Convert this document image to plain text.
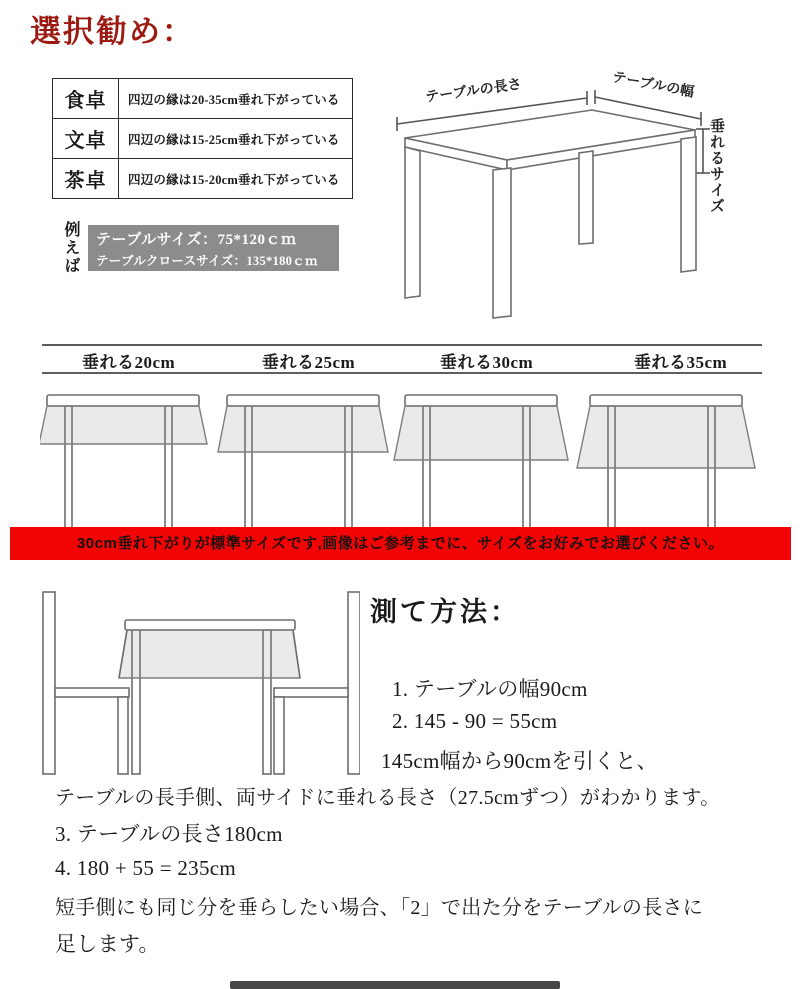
選択勧め：
食卓	四辺の縁は20-35cm垂れ下がっている
文卓	四辺の縁は15-25cm垂れ下がっている
茶卓	四辺の縁は15-20cm垂れ下がっている
例えば テーブルサイズ：75*120ｃｍ
テーブルクロースサイズ：135*180ｃｍ
テーブルの長さ	テーブルの幅
垂れるサイズ
垂れる20cm	垂れる25cm	垂れる30cm	垂れる35cm
30cm垂れ下がりが標準サイズです,画像はご参考までに、サイズをお好みでお選びください。
測て方法：
1. テーブルの幅90cm
2. 145 - 90 = 55cm
145cm幅から90cmを引くと、
テーブルの長手側、両サイドに垂れる長さ（27.5cmずつ）がわかります。
3. テーブルの長さ180cm
4. 180 + 55 = 235cm
短手側にも同じ分を垂らしたい場合、「2」で出た分をテーブルの長さに
足します。
